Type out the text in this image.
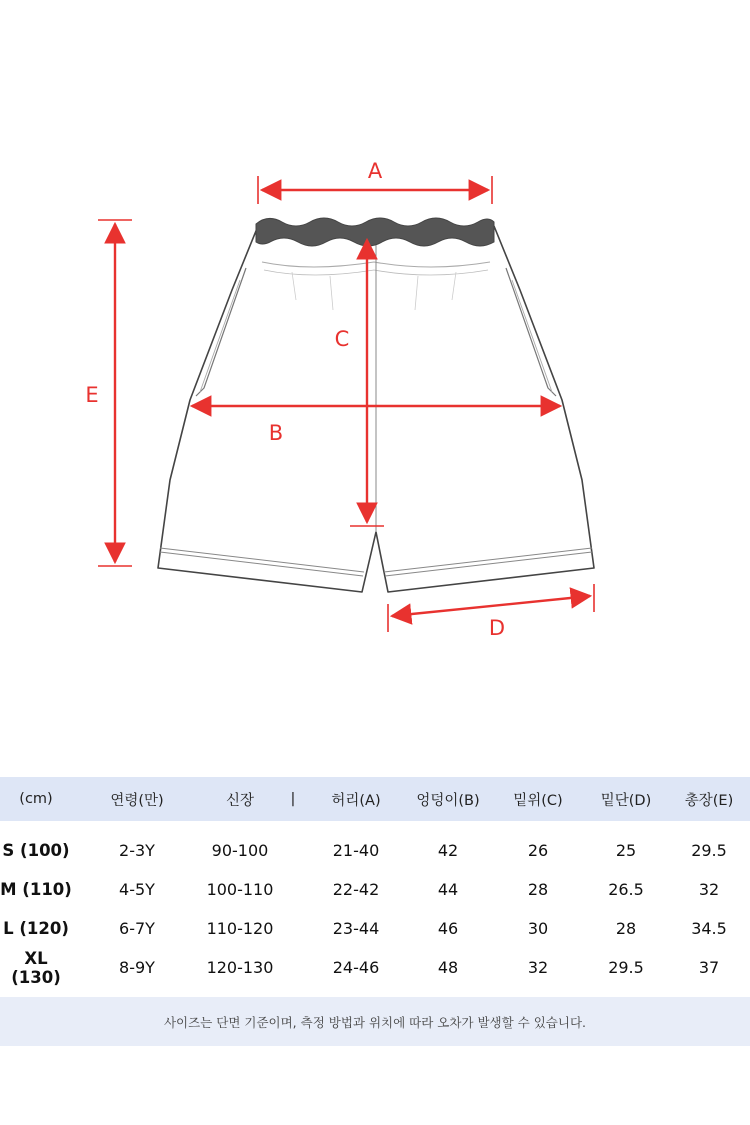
A
B
C
D
E
(cm)	연령(만)	신장	|	허리(A)	엉덩이(B)	밑위(C)	밑단(D)	총장(E)
S (100)	2-3Y	90-100	21-40	42	26	25	29.5
M (110)	4-5Y	100-110	22-42	44	28	26.5	32
L (120)	6-7Y	110-120	23-44	46	30	28	34.5
XL (130)	8-9Y	120-130	24-46	48	32	29.5	37
사이즈는 단면 기준이며, 측정 방법과 위치에 따라 오차가 발생할 수 있습니다.
